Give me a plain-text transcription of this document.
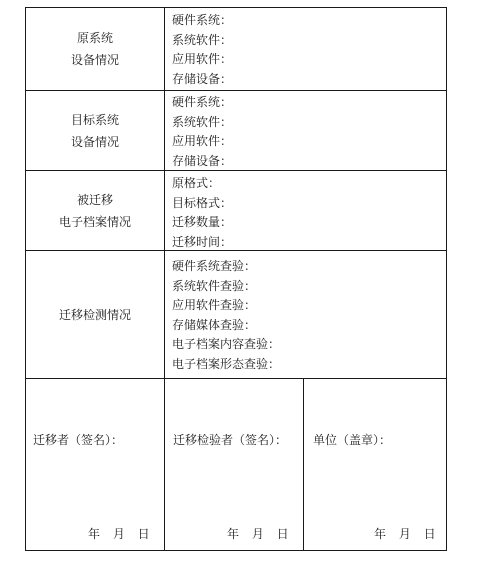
原系统
设备情况
硬件系统：
系统软件：
应用软件：
存储设备：
目标系统
设备情况
硬件系统：
系统软件：
应用软件：
存储设备：
被迁移
电子档案情况
原格式：
目标格式：
迁移数量：
迁移时间：
迁移检测情况
硬件系统查验：
系统软件查验：
应用软件查验：
存储媒体查验：
电子档案内容查验：
电子档案形态查验：
迁移者（签名）：
年 月 日
迁移检验者（签名）：
年 月 日
单位（盖章）：
年 月 日
